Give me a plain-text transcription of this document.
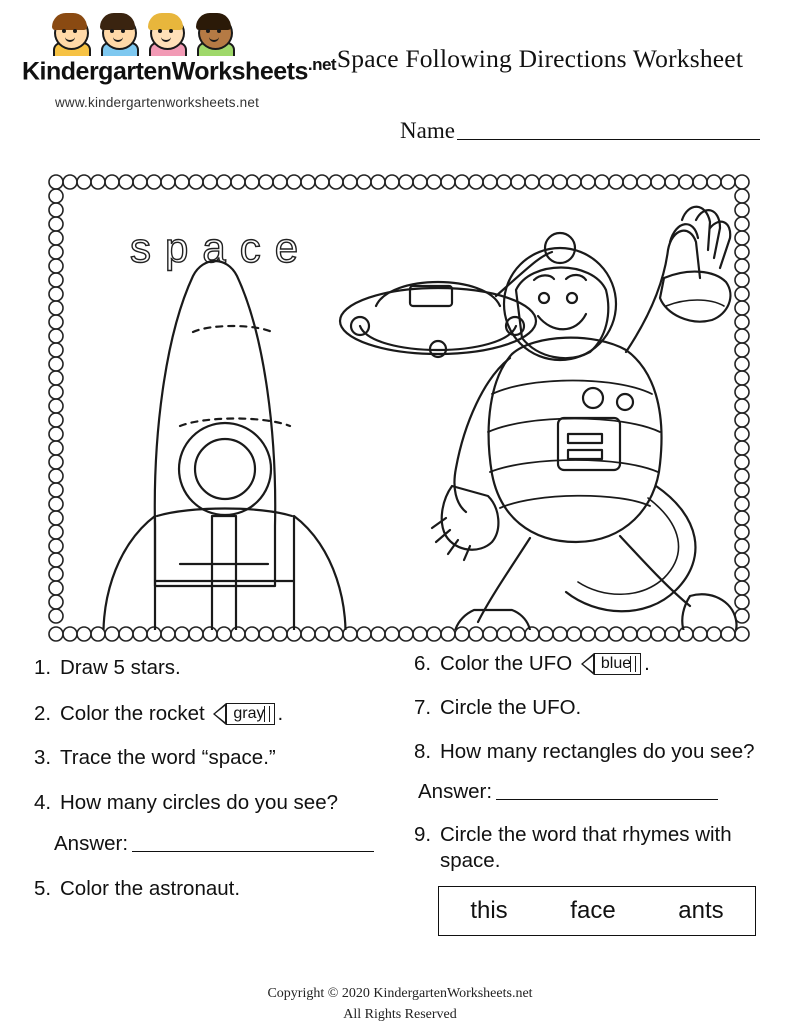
KindergartenWorksheets$^{.net}$
www.kindergartenworksheets.net
Space Following Directions Worksheet
Name
space
1. Draw 5 stars.
2. Color the rocket	gray .
3. Trace the word “space.”
4. How many circles do you see?
Answer:
5. Color the astronaut.
6. Color the UFO	blue .
7. Circle the UFO.
8. How many rectangles do you see?
Answer:
9. Circle the word that rhymes with space.
this	face	ants
Copyright © 2020 KindergartenWorksheets.net
All Rights Reserved
